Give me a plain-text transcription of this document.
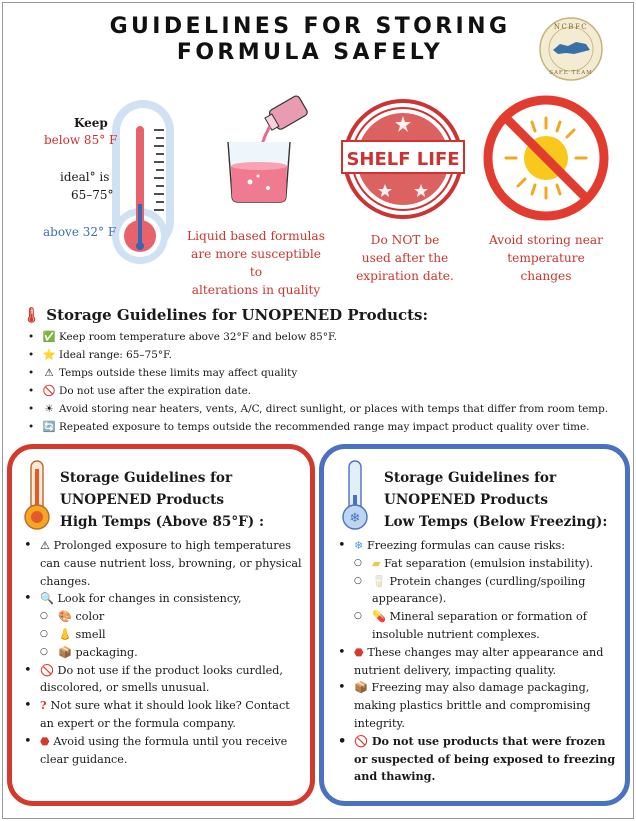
GUIDELINES FOR STORING
FORMULA SAFELY
NCBFC
SAFE TEAM
Keep
below 85° F
ideal° is
65–75°
above 32° F
SHELF LIFE
Liquid based formulas
are more susceptible to
alterations in quality
Do NOT be
used after the
expiration date.
Avoid storing near
temperature
changes
🌡 Storage Guidelines for UNOPENED Products:
• ✅ Keep room temperature above 32°F and below 85°F.
• ⭐ Ideal range: 65–75°F.
• ⚠ Temps outside these limits may affect quality
• 🚫 Do not use after the expiration date.
• ☀ Avoid storing near heaters, vents, A/C, direct sunlight, or places with temps that differ from room temp.
• 🔄 Repeated exposure to temps outside the recommended range may impact product quality over time.
Storage Guidelines for
UNOPENED Products
High Temps (Above 85°F) :
• ⚠ Prolonged exposure to high temperatures can cause nutrient loss, browning, or physical changes.
• 🔍 Look for changes in consistency,
○ 🎨 color
○ 👃 smell
○ 📦 packaging.
• 🚫 Do not use if the product looks curdled, discolored, or smells unusual.
• ? Not sure what it should look like? Contact an expert or the formula company.
• ⬣ Avoid using the formula until you receive clear guidance.
❄
Storage Guidelines for
UNOPENED Products
Low Temps (Below Freezing):
• ❄ Freezing formulas can cause risks:
○ ▰ Fat separation (emulsion instability).
○ 🥛 Protein changes (curdling/spoiling appearance).
○ 💊 Mineral separation or formation of insoluble nutrient complexes.
• ⬣ These changes may alter appearance and nutrient delivery, impacting quality.
• 📦 Freezing may also damage packaging, making plastics brittle and compromising integrity.
• 🚫 Do not use products that were frozen or suspected of being exposed to freezing and thawing.
